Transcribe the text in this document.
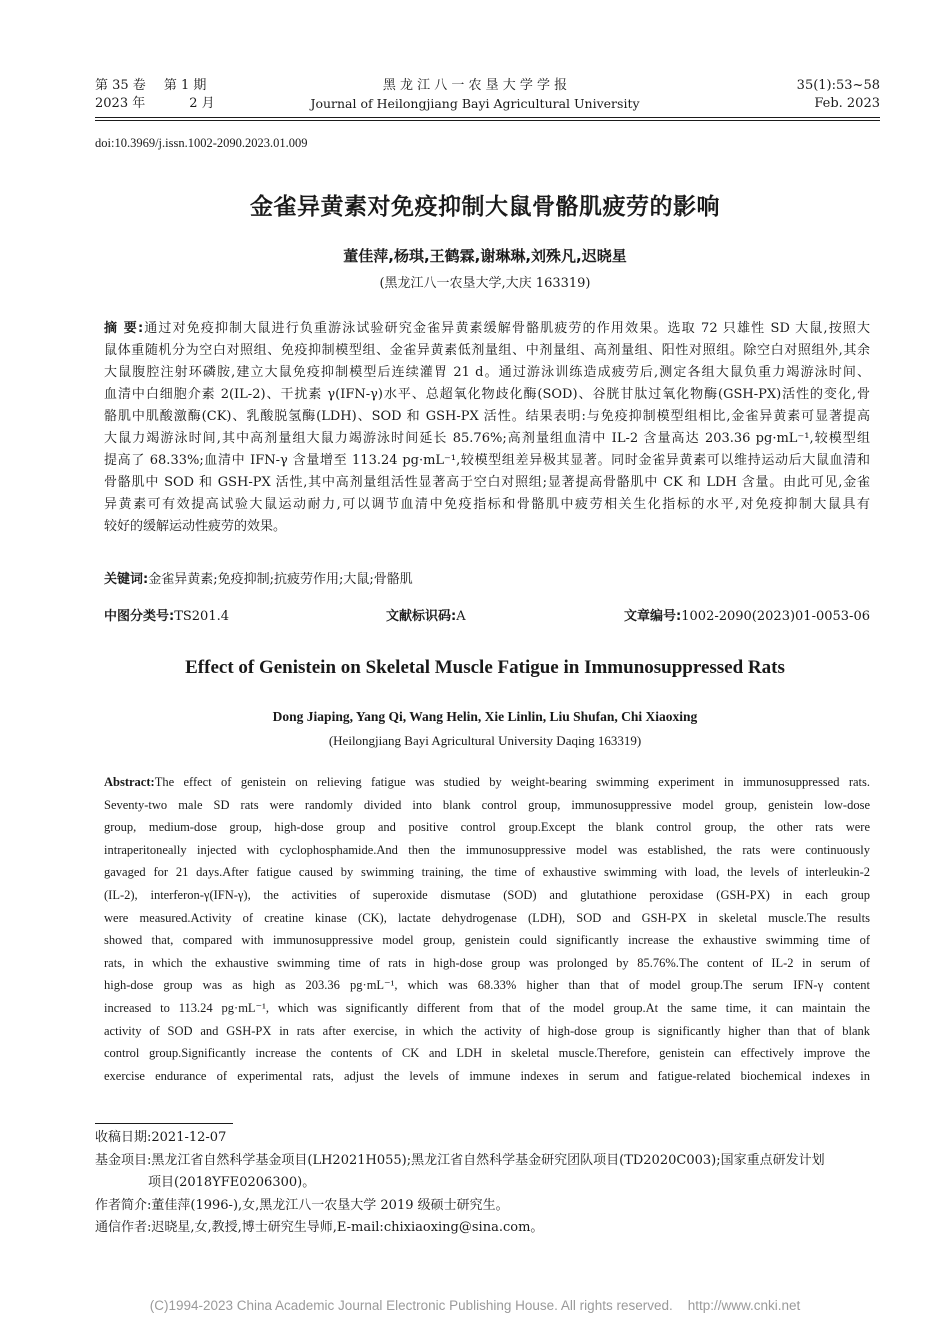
第 35 卷 第 1 期
2023 年	2 月
黑 龙 江 八 一 农 垦 大 学 学 报
Journal of Heilongjiang Bayi Agricultural University
35(1):53~58
Feb. 2023
doi:10.3969/j.issn.1002-2090.2023.01.009
金雀异黄素对免疫抑制大鼠骨骼肌疲劳的影响
董佳萍,杨琪,王鹤霖,谢琳琳,刘殊凡,迟晓星
(黑龙江八一农垦大学,大庆 163319)

摘 要:通过对免疫抑制大鼠进行负重游泳试验研究金雀异黄素缓解骨骼肌疲劳的作用效果。选取 72 只雄性 SD 大鼠,按照大

鼠体重随机分为空白对照组、免疫抑制模型组、金雀异黄素低剂量组、中剂量组、高剂量组、阳性对照组。除空白对照组外,其余

大鼠腹腔注射环磷胺,建立大鼠免疫抑制模型后连续灌胃 21 d。通过游泳训练造成疲劳后,测定各组大鼠负重力竭游泳时间、

血清中白细胞介素 2(IL-2)、干扰素 γ(IFN-γ)水平、总超氧化物歧化酶(SOD)、谷胱甘肽过氧化物酶(GSH-PX)活性的变化,骨

骼肌中肌酸激酶(CK)、乳酸脱氢酶(LDH)、SOD 和 GSH-PX 活性。结果表明:与免疫抑制模型组相比,金雀异黄素可显著提高

大鼠力竭游泳时间,其中高剂量组大鼠力竭游泳时间延长 85.76%;高剂量组血清中 IL-2 含量高达 203.36 pg·mL⁻¹,较模型组

提高了 68.33%;血清中 IFN-γ 含量增至 113.24 pg·mL⁻¹,较模型组差异极其显著。同时金雀异黄素可以维持运动后大鼠血清和

骨骼肌中 SOD 和 GSH-PX 活性,其中高剂量组活性显著高于空白对照组;显著提高骨骼肌中 CK 和 LDH 含量。由此可见,金雀

异黄素可有效提高试验大鼠运动耐力,可以调节血清中免疫指标和骨骼肌中疲劳相关生化指标的水平,对免疫抑制大鼠具有

较好的缓解运动性疲劳的效果。

关键词:金雀异黄素;免疫抑制;抗疲劳作用;大鼠;骨骼肌
中图分类号:TS201.4	文献标识码:A	文章编号:1002-2090(2023)01-0053-06
Effect of Genistein on Skeletal Muscle Fatigue in Immunosuppressed Rats
Dong Jiaping, Yang Qi, Wang Helin, Xie Linlin, Liu Shufan, Chi Xiaoxing
(Heilongjiang Bayi Agricultural University Daqing 163319)

Abstract:The effect of genistein on relieving fatigue was studied by weight-bearing swimming experiment in immunosuppressed rats.

Seventy-two male SD rats were randomly divided into blank control group, immunosuppressive model group, genistein low-dose

group, medium-dose group, high-dose group and positive control group.Except the blank control group, the other rats were

intraperitoneally injected with cyclophosphamide.And then the immunosuppressive model was established, the rats were continuously

gavaged for 21 days.After fatigue caused by swimming training, the time of exhaustive swimming with load, the levels of interleukin-2

(IL-2), interferon-γ(IFN-γ), the activities of superoxide dismutase (SOD) and glutathione peroxidase (GSH-PX) in each group

were measured.Activity of creatine kinase (CK), lactate dehydrogenase (LDH), SOD and GSH-PX in skeletal muscle.The results

showed that, compared with immunosuppressive model group, genistein could significantly increase the exhaustive swimming time of

rats, in which the exhaustive swimming time of rats in high-dose group was prolonged by 85.76%.The content of IL-2 in serum of

high-dose group was as high as 203.36 pg·mL⁻¹, which was 68.33% higher than that of model group.The serum IFN-γ content

increased to 113.24 pg·mL⁻¹, which was significantly different from that of the model group.At the same time, it can maintain the

activity of SOD and GSH-PX in rats after exercise, in which the activity of high-dose group is significantly higher than that of blank

control group.Significantly increase the contents of CK and LDH in skeletal muscle.Therefore, genistein can effectively improve the

exercise endurance of experimental rats, adjust the levels of immune indexes in serum and fatigue-related biochemical indexes in

收稿日期:2021-12-07
基金项目:黑龙江省自然科学基金项目(LH2021H055);黑龙江省自然科学基金研究团队项目(TD2020C003);国家重点研发计划
项目(2018YFE0206300)。
作者简介:董佳萍(1996-),女,黑龙江八一农垦大学 2019 级硕士研究生。
通信作者:迟晓星,女,教授,博士研究生导师,E-mail:chixiaoxing@sina.com。
(C)1994-2023 China Academic Journal Electronic Publishing House. All rights reserved.    http://www.cnki.net
